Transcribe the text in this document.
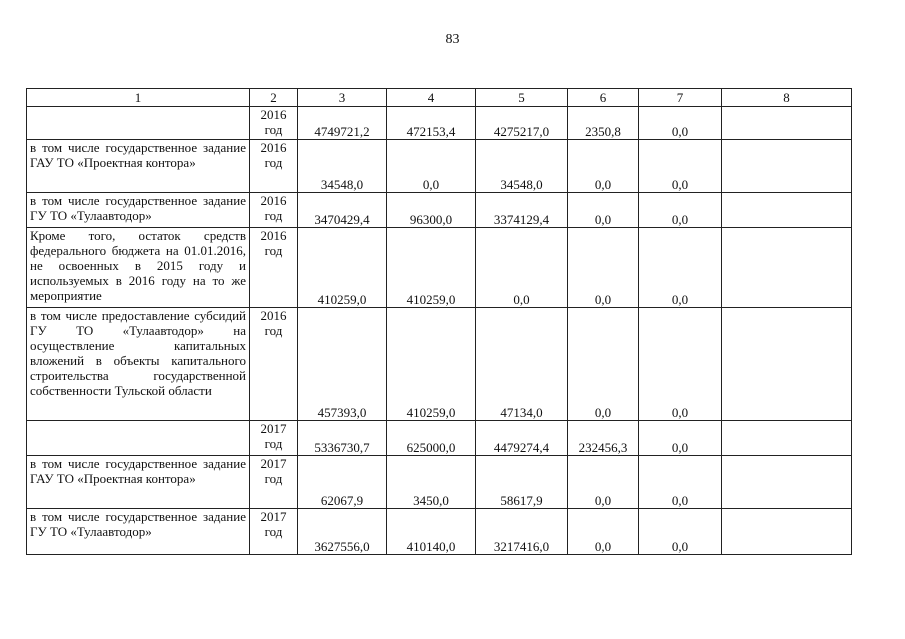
83
1	2	3	4	5	6	7	8
	2016 год	4749721,2	472153,4	4275217,0	2350,8	0,0	
в том числе государственное задание ГАУ ТО «Проектная контора»	2016 год	34548,0	0,0	34548,0	0,0	0,0	
в том числе государственное задание ГУ ТО «Тулаавтодор»	2016 год	3470429,4	96300,0	3374129,4	0,0	0,0	
Кроме того, остаток средств федерального бюджета на 01.01.2016, не освоенных в 2015 году и используемых в 2016 году на то же мероприятие	2016 год	410259,0	410259,0	0,0	0,0	0,0	
в том числе предоставление субсидий ГУ ТО «Тулаавтодор» на осуществление капитальных вложений в объекты капитального строительства государственной собственности Тульской области	2016 год	457393,0	410259,0	47134,0	0,0	0,0	
	2017 год	5336730,7	625000,0	4479274,4	232456,3	0,0	
в том числе государственное задание ГАУ ТО «Проектная контора»	2017 год	62067,9	3450,0	58617,9	0,0	0,0	
в том числе государственное задание ГУ ТО «Тулаавтодор»	2017 год	3627556,0	410140,0	3217416,0	0,0	0,0	
